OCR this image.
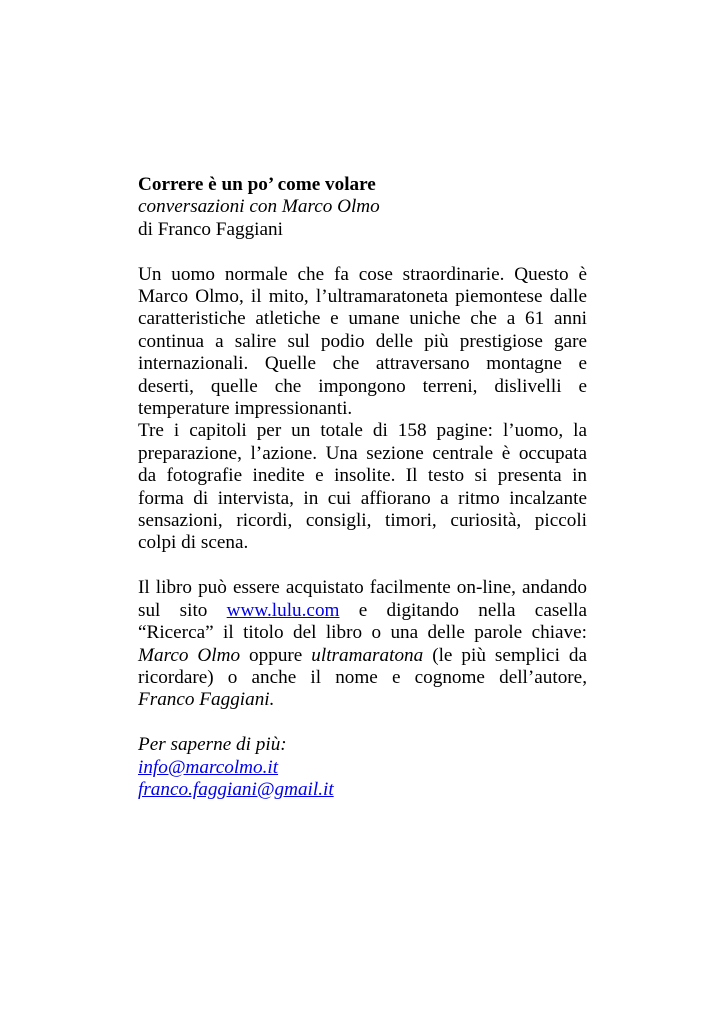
Correre è un po’ come volare
conversazioni con Marco Olmo
di Franco Faggiani
Un uomo normale che fa cose straordinarie. Questo è
Marco Olmo, il mito, l’ultramaratoneta piemontese dalle
caratteristiche atletiche e umane uniche che a 61 anni
continua a salire sul podio delle più prestigiose gare
internazionali. Quelle che attraversano montagne e
deserti, quelle che impongono terreni, dislivelli e
temperature impressionanti.
Tre i capitoli per un totale di 158 pagine: l’uomo, la
preparazione, l’azione. Una sezione centrale è occupata
da fotografie inedite e insolite. Il testo si presenta in
forma di intervista, in cui affiorano a ritmo incalzante
sensazioni, ricordi, consigli, timori, curiosità, piccoli
colpi di scena.
Il libro può essere acquistato facilmente on-line, andando
sul sito www.lulu.com e digitando nella casella
“Ricerca” il titolo del libro o una delle parole chiave:
Marco Olmo oppure ultramaratona (le più semplici da
ricordare) o anche il nome e cognome dell’autore,
Franco Faggiani.
Per saperne di più:
info@marcolmo.it
franco.faggiani@gmail.it
